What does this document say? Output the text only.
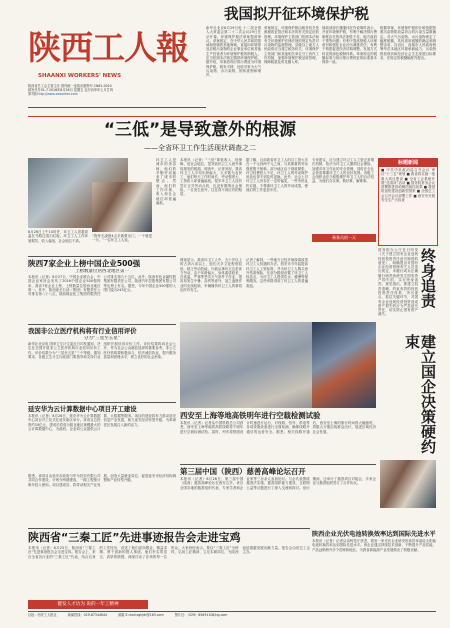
陕西工人報
SHAANXI WORKERS' NEWS
陕西省总工会主管主办 国内统一连续出版物号 CN61-0010
邮发代号51-7 2016年8月26日 星期五 农历丙申年七月廿四
第7期 http://www.sxworker.com
我国拟开征环境保护税
新华社北京8月29日电 十二届全国人大常委会第二十二次会议29日在京开幕，环境保护税法草案提请审议。草案规定，在中华人民共和国领域和管辖的其他海域，直接向环境排放应税污染物的企业事业单位和其他生产经营者为环境保护税的纳税人，应当依照本法规定缴纳环境保护税。据介绍，草案将现行排污费改为环境保护税，税负平移，征收对象为大气污染物、水污染物、固体废物和噪声。
草案规定，环境保护税由税务机关依照税收征管法和本法的有关规定征收管理。环境保护主管部门依照本法和有关环境保护法律法规的规定负责对污染物的监测管理。县级以上地方人民政府应当建立税务机关、环境保护主管部门和其他相关单位分工协作工作机制，加强环境保护税征收管理，保障税款及时足额入库。
财政部部长楼继伟在作说明时表示，开征环境保护税，有利于解决排污费制度存在的执法刚性不足、地方政府干预等问题；有利于提高纳税人环保意识和强化企业治污减排责任；有利于构建促进经济结构调整、发展方式转变的绿色税制体系。草案规定的税额标准与现行排污费的征收标准基本保持一致。
根据草案，环境保护税的计税依据按照污染物排放量折合的污染当量数确定。对大气污染物、水污染物规定了幅度税额，具体适用税额的确定和调整由省、自治区、直辖市人民政府统筹考虑本地区环境承载能力、污染物排放现状和经济社会生态发展目标要求，在规定的税额幅度内提出。
“三低”是导致意外的根源
——全省环卫工作生活现状调查之二
8月26日上午10时许，环卫工人冒着高温在马路边清扫垃圾。环卫工人工作环境艰苦，收入偏低，社会地位不高。
“我每天凌晨4点多就要出门，一干就是一天。”一位环卫工人说。
环卫工人是城市的美容师，他们的辛勤劳动换来了城市的整洁。然而，他们的工作环境、收入和社会地位却普遍偏低。
本报讯（记者）“三低”即低收入、低保障、低社会地位，是导致环卫工人意外事故频发的根源。调查中，记者发现，我省环卫工人平均年龄偏大，大多数为农民工，他们每天工作时间长，劳动强度大，工资收入却普遍偏低。很多环卫工人没有签订正式劳动合同，也没有缴纳社会保险，一旦发生意外，往往得不到应有的赔偿。
据了解，目前我省环卫工人的月工资大多在一千元到两千元之间，与其繁重的劳动强度极不相称。部分地区由于财政紧张，环卫经费投入不足，环卫工人的劳动保护用品也得不到及时更换。此外，社会上对环卫工人仍存在一定的偏见，一些市民乱扔垃圾，不尊重环卫工人的劳动成果，使他们的工作更加辛苦。
专家建议，应当建立环卫工人工资正常增长机制，依法为环卫工人缴纳社会保险，加强对环卫作业的安全管理，同时在全社会营造尊重环卫工人的良好氛围。各级工会组织也应当积极维护环卫工人的合法权益，为他们办实事、做好事、解难事。
标题新闻
■ 中共中央政治局召开会议 审议“十三五”规划 ■ 我省将实施一批重大项目建设 ■ 全省工会系统开展“送清凉”活动 ■ 国务院常务会议部署推进供给侧结构性改革 ■ 我国将加快建设创新型国家 ■ 全国总工会召开会议部署工作 ■ 西安市开展安全生产大检查
乘务员的一天
陕西7家企业上榜中国企业500强
上榜数量位居西北地区第一
本报讯（记者）8月27日，中国企业联合会、中国企业家协会发布了2016中国企业500强榜单，我省7家企业上榜，上榜数量位居西北地区第一。其中，陕西延长石油（集团）有限责任公司排名第八十八位，陕西煤业化工集团有限责任公司排名第九十五位。此外，陕西有色金属控股集团有限责任公司、陕西汽车控股集团有限公司等也榜上有名。据悉，今年中国企业500强的入围门槛为243亿元。
我国非公立医疗机构将有行业信用评价
分为“三星至五星”
新华社北京电 国家卫生计生委近日印发通知，决定在全国开展非公立医疗机构行业信用评价工作。评价结果分为“三星至五星”三个等级。通知要求，各级卫生计生行政部门要指导和支持行业组织开展信用评价工作，评价结果将向社会公开，作为社会公众就医选择的重要参考。非公立医疗机构要积极参与，依法诚信执业，提升服务质量和管理水平，树立良好的社会形象。
延安华为云计算数据中心项目开工建设
本报讯（记者）8月26日，延安华为云计算数据中心项目开工仪式在延安新区举行。该项目总投资约10亿元，建成后将成为陕北地区规模最大的云计算数据中心，为政府、企业和公众提供云计算、大数据等服务。项目的建设将有力推动延安信息产业发展，助力延安经济转型升级，为革命老区发展注入新的活力。
调查显示，我省环卫工人中，五十岁以上的占到六成以上，他们大多文化程度较低，缺乏劳动技能，只能从事环卫这类体力劳动。由于年龄偏大，身体素质较差，在高温、严寒等恶劣天气条件下作业，很容易发生中暑、冻伤等意外，加之凌晨作业时光线较暗，车辆撞伤环卫工人的事故也时有发生。
记者了解到，一些地方已经开始探索改善环卫工人待遇的办法。西安市今年起提高环卫工人工资标准，并为环卫工人购买意外伤害保险，在部分路段设置了环卫工人休息点，为环卫工人提供饮水、避暑等便利服务。这些举措得到了环卫工人的普遍欢迎。
西安至上海等地高铁明年进行空载检测试验
本报讯（记者）记者从中国铁路总公司获悉，西安至上海等地的高铁线路将于明年进行空载检测试验。届时，列车将按照设计时速进行运行，对线路、信号、供电等各项设施设备进行全面检测，确保线路开通后的运营安全。据悉，相关线路开通后，西安至上海的旅行时间将大幅缩短，将极大方便沿线群众出行，促进区域经济社会发展。
第三届中国（陕西）慈善高峰论坛召开
本报讯（记者）8月26日，第三届中国（陕西）慈善高峰论坛在西安召开。来自全国各地的慈善组织代表、专家学者和企业家等三百余人参加论坛。与会代表围绕慈善法实施、慈善组织能力建设、互联网公益等议题进行了深入交流和探讨。论坛期间，还举行了慈善项目对接会，多家企业与慈善组织签订了合作协议。
终身追责
建立国企决策硬约束
国务院办公厅近日印发《关于建立国有企业违规经营投资责任追究制度的意见》，明确提出对国有企业经营管理有关人员违反规定，未履行或未正确履行职责致使发生国有资产损失的，实行终身追责。意见指出，要建立权责清晰、约束有效的经营投资责任体系，突出重点，抓住关键环节，对国有企业违规经营投资造成资产损失的行为严肃追究责任，切实防止国有资产流失。
陕西企业光伏电池转换效率达到国际先进水平
本报讯（记者）记者从省科技厅获悉，我省一家光伏企业研发的高效单晶硅太阳能电池转换效率达到国际先进水平。该企业通过持续技术创新，不断提升产品性能，产品远销海外多个国家和地区，为我省新能源产业发展做出了积极贡献。
陕西省“三秦工匠”先进事迹报告会走进宝鸡
本报讯（记者）8月25日，陕西省“三秦工匠”先进事迹报告会走进宝鸡。报告会上，来自全省各行业的“三秦工匠”代表，结合自身的工作经历，讲述了他们爱岗敬业、精益求精、勇于创新的感人事迹。他们朴实的语言、真挚的情感，深深打动了在场的每一位听众。大家纷纷表示，要以“三秦工匠”为榜样，弘扬工匠精神，立足本职岗位，为陕西追赶超越发展贡献力量。报告会由省总工会主办。
据悉，该项目由延安市政府与华为技术有限公司共同合作建设，计划分两期建成，一期工程预计明年投入使用。项目建成后，将带动相关产业发展，创造大量就业岗位，促进延安市经济结构调整和产业转型升级。
健发人才访为 说的一年工精神
社址：西安工人报社	新闻热线：029-87344644	邮箱 E-mail:sghjdr@163.com	图片社：（029）85691108/ng.com
